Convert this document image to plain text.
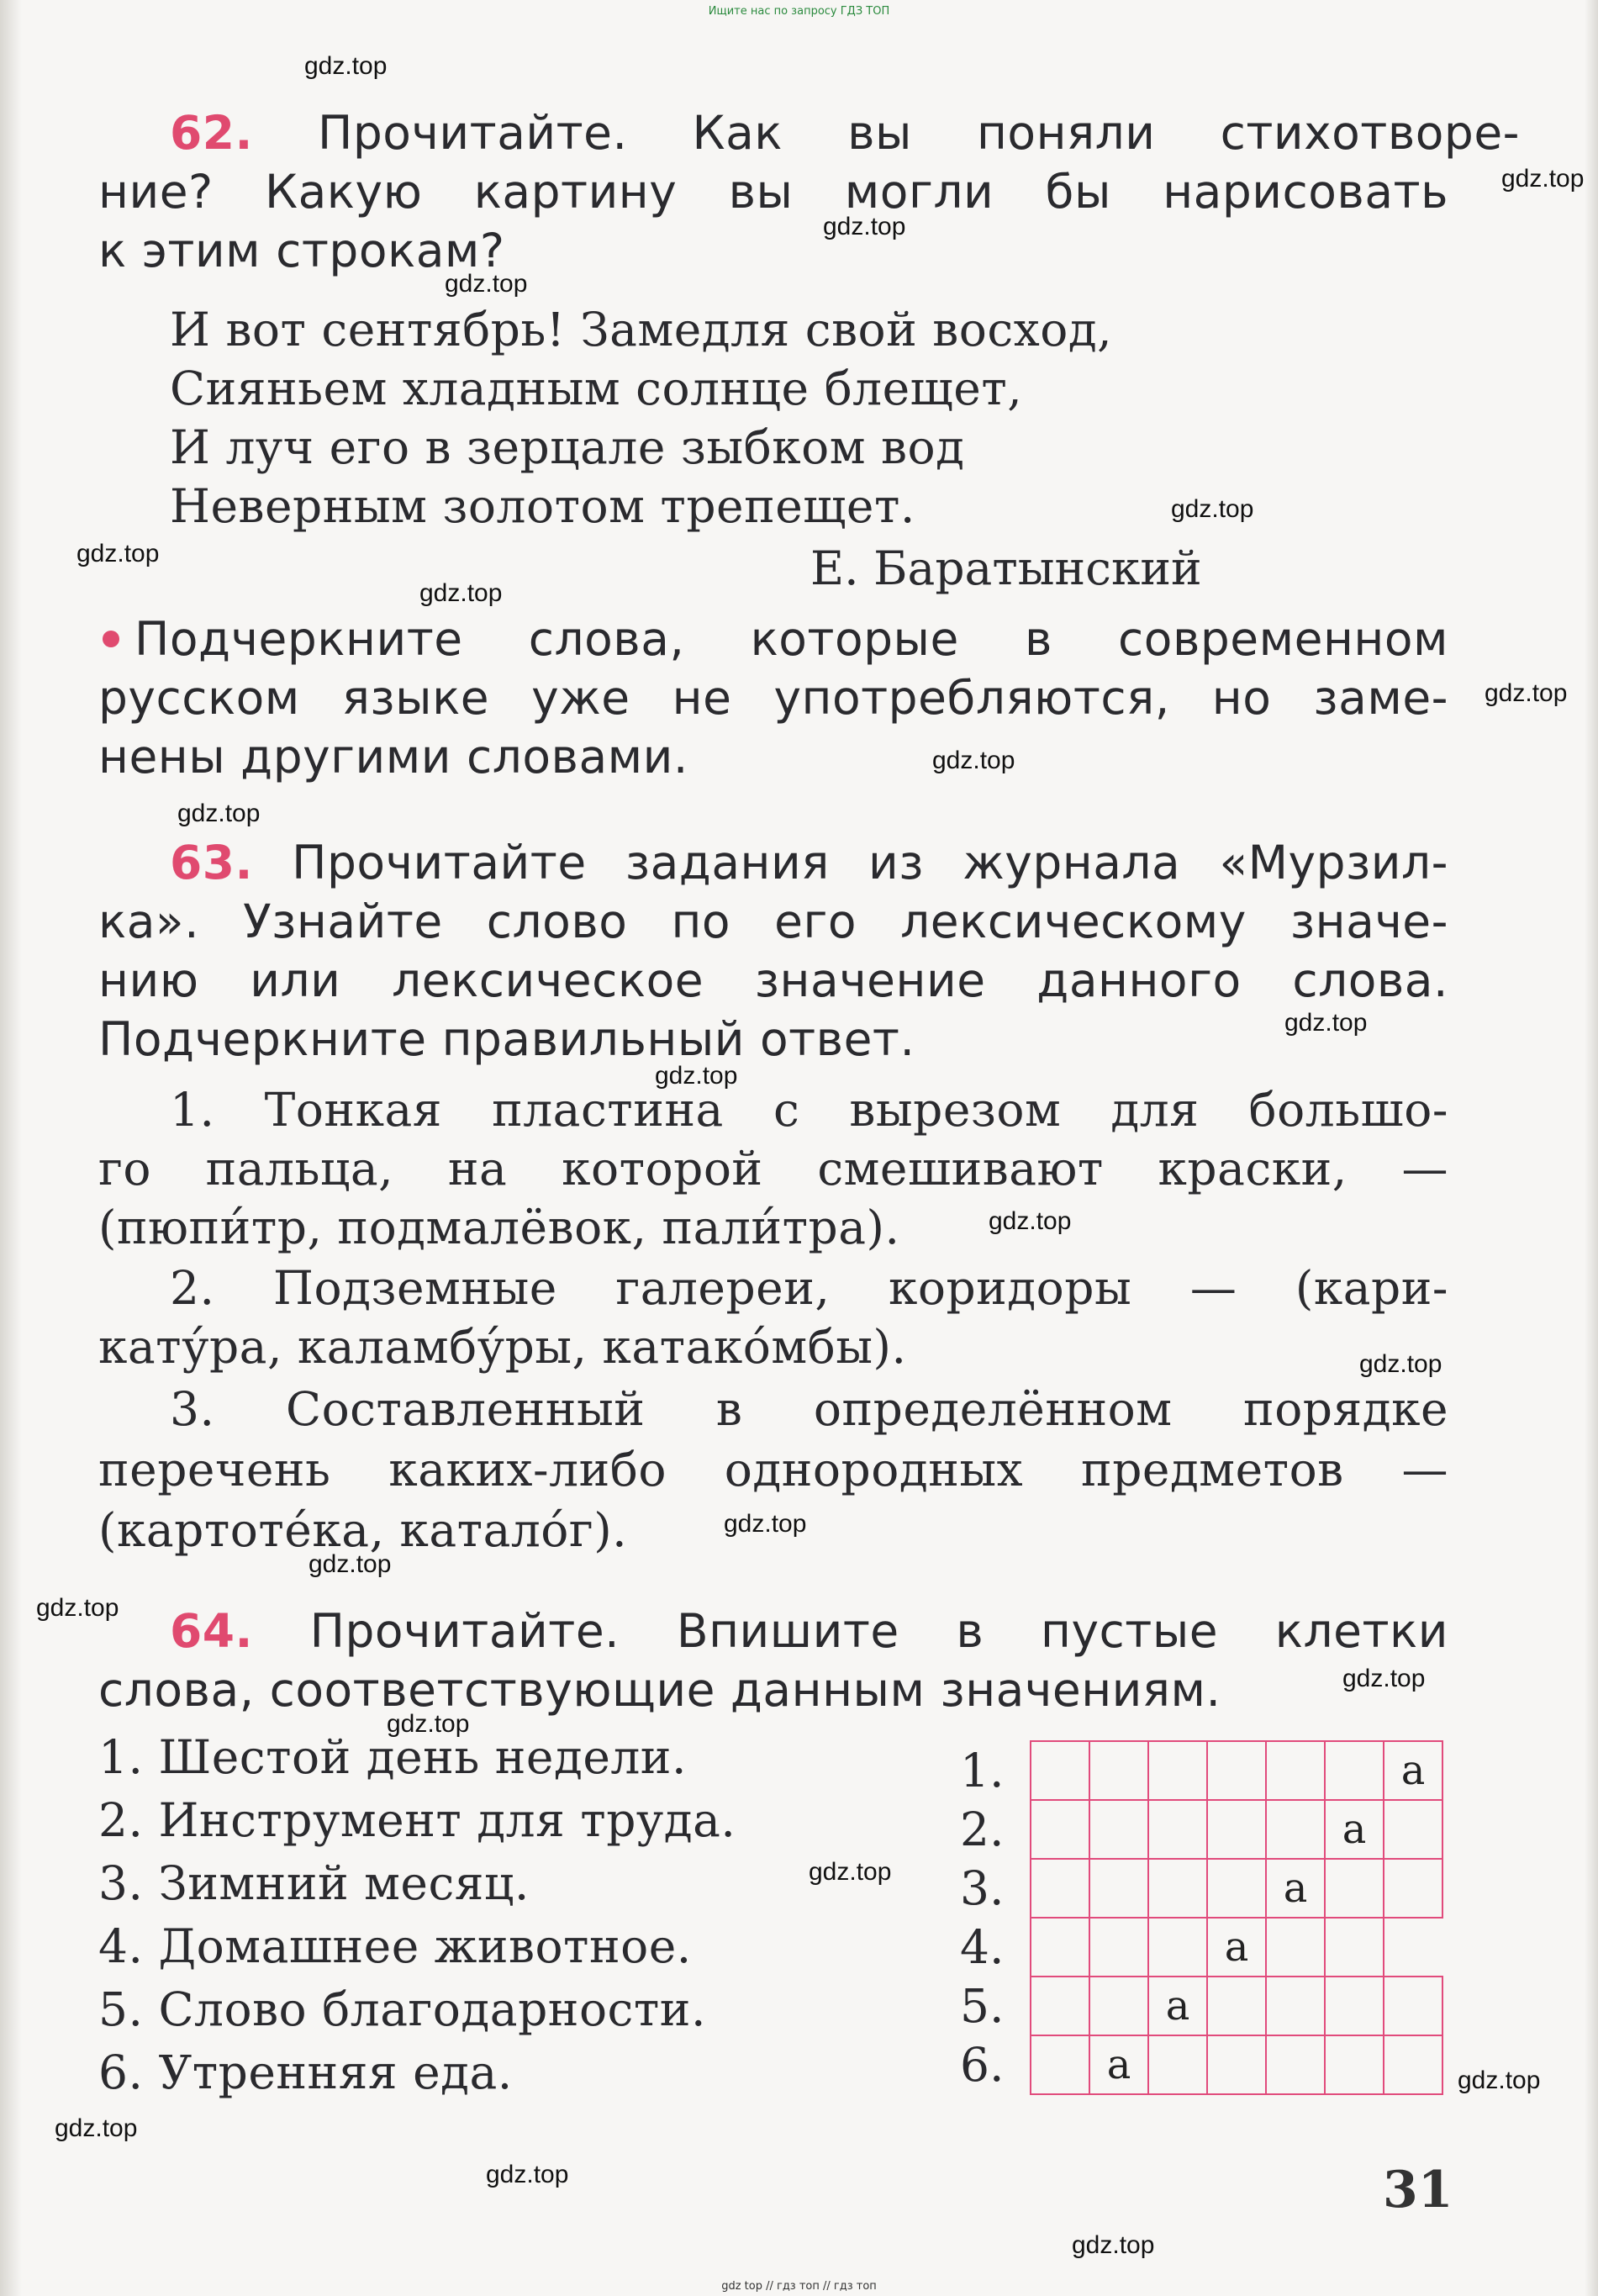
Ищите нас по запросу ГДЗ ТОП
62. Прочитайте. Как вы поняли стихотворе-
ние? Какую картину вы могли бы нарисовать
к этим строкам?
И вот сентябрь! Замедля свой восход,
Сияньем хладным солнце блещет,
И луч его в зерцале зыбком вод
Неверным золотом трепещет.
Е. Баратынский
Подчеркните слова, которые в современном
русском языке уже не употребляются, но заме-
нены другими словами.
63. Прочитайте задания из журнала «Мурзил-
ка». Узнайте слово по его лексическому значе-
нию или лексическое значение данного слова.
Подчеркните правильный ответ.
1. Тонкая пластина с вырезом для большо-
го пальца, на которой смешивают краски, —
(пюпи́тр, подмалёвок, пали́тра).
2. Подземные галереи, коридоры — (кари-
кату́ра, каламбу́ры, катако́мбы).
3. Составленный в определённом порядке
перечень каких-либо однородных предметов —
(картоте́ка, катало́г).
64. Прочитайте. Впишите в пустые клетки
слова, соответствующие данным значениям.
1. Шестой день недели.
2. Инструмент для труда.
3. Зимний месяц.
4. Домашнее животное.
5. Слово благодарности.
6. Утренняя еда.
1.
2.
3.
4.
5.
6.
а
а
а
а
а
а
31
gdz.top
gdz.top
gdz.top
gdz.top
gdz.top
gdz.top
gdz.top
gdz.top
gdz.top
gdz.top
gdz.top
gdz.top
gdz.top
gdz.top
gdz.top
gdz.top
gdz.top
gdz.top
gdz.top
gdz.top
gdz.top
gdz.top
gdz.top
gdz.top
gdz top // гдз топ // гдз топ
